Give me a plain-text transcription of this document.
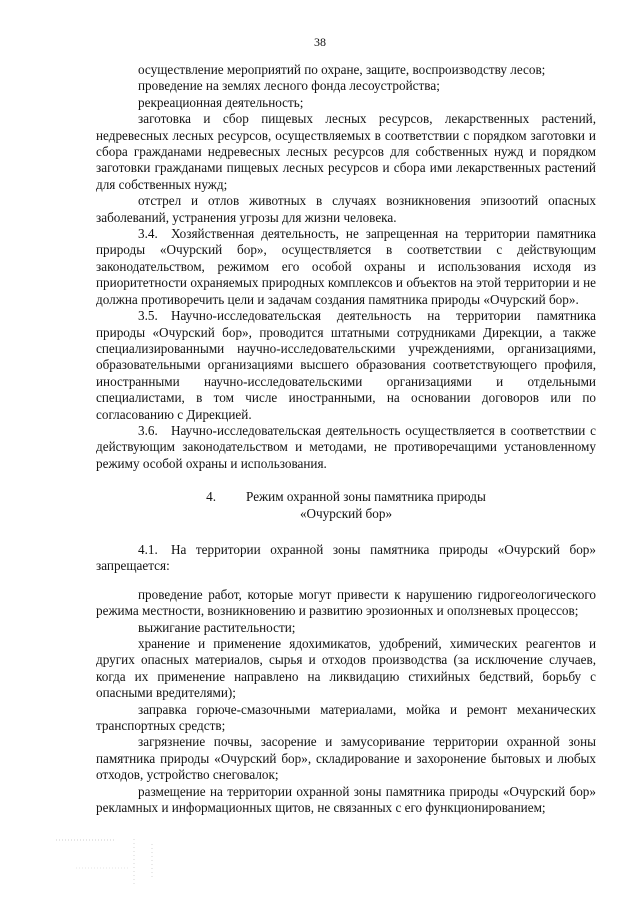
38

осуществление мероприятий по охране, защите, воспроизводству лесов;

проведение на землях лесного фонда лесоустройства;

рекреационная деятельность;

заготовка и сбор пищевых лесных ресурсов, лекарственных растений, недревесных лесных ресурсов, осуществляемых в соответствии с порядком заготовки и сбора гражданами недревесных лесных ресурсов для собственных нужд и порядком заготовки гражданами пищевых лесных ресурсов и сбора ими лекарственных растений для собственных нужд;

отстрел и отлов животных в случаях возникновения эпизоотий опасных заболеваний, устранения угрозы для жизни человека.

3.4. Хозяйственная деятельность, не запрещенная на территории памятника природы «Очурский бор», осуществляется в соответствии с действующим законодательством, режимом его особой охраны и использования исходя из приоритетности охраняемых природных комплексов и объектов на этой территории и не должна противоречить цели и задачам создания памятника природы «Очурский бор».

3.5. Научно-исследовательская деятельность на территории памятника природы «Очурский бор», проводится штатными сотрудниками Дирекции, а также специализированными научно-исследовательскими учреждениями, организациями, образовательными организациями высшего образования соответствующего профиля, иностранными научно-исследовательскими организациями и отдельными специалистами, в том числе иностранными, на основании договоров или по согласованию с Дирекцией.

3.6. Научно-исследовательская деятельность осуществляется в соответствии с действующим законодательством и методами, не противоречащими установленному режиму особой охраны и использования.

4. Режим охранной зоны памятника природы
«Очурский бор»

4.1. На территории охранной зоны памятника природы «Очурский бор» запрещается:

проведение работ, которые могут привести к нарушению гидрогеологического режима местности, возникновению и развитию эрозионных и оползневых процессов;

выжигание растительности;

хранение и применение ядохимикатов, удобрений, химических реагентов и других опасных материалов, сырья и отходов производства (за исключение случаев, когда их применение направлено на ликвидацию стихийных бедствий, борьбу с опасными вредителями);

заправка горюче-смазочными материалами, мойка и ремонт механических транспортных средств;

загрязнение почвы, засорение и замусоривание территории охранной зоны памятника природы «Очурский бор», складирование и захоронение бытовых и любых отходов, устройство снеговалок;

размещение на территории охранной зоны памятника природы «Очурский бор» рекламных и информационных щитов, не связанных с его функционированием;
